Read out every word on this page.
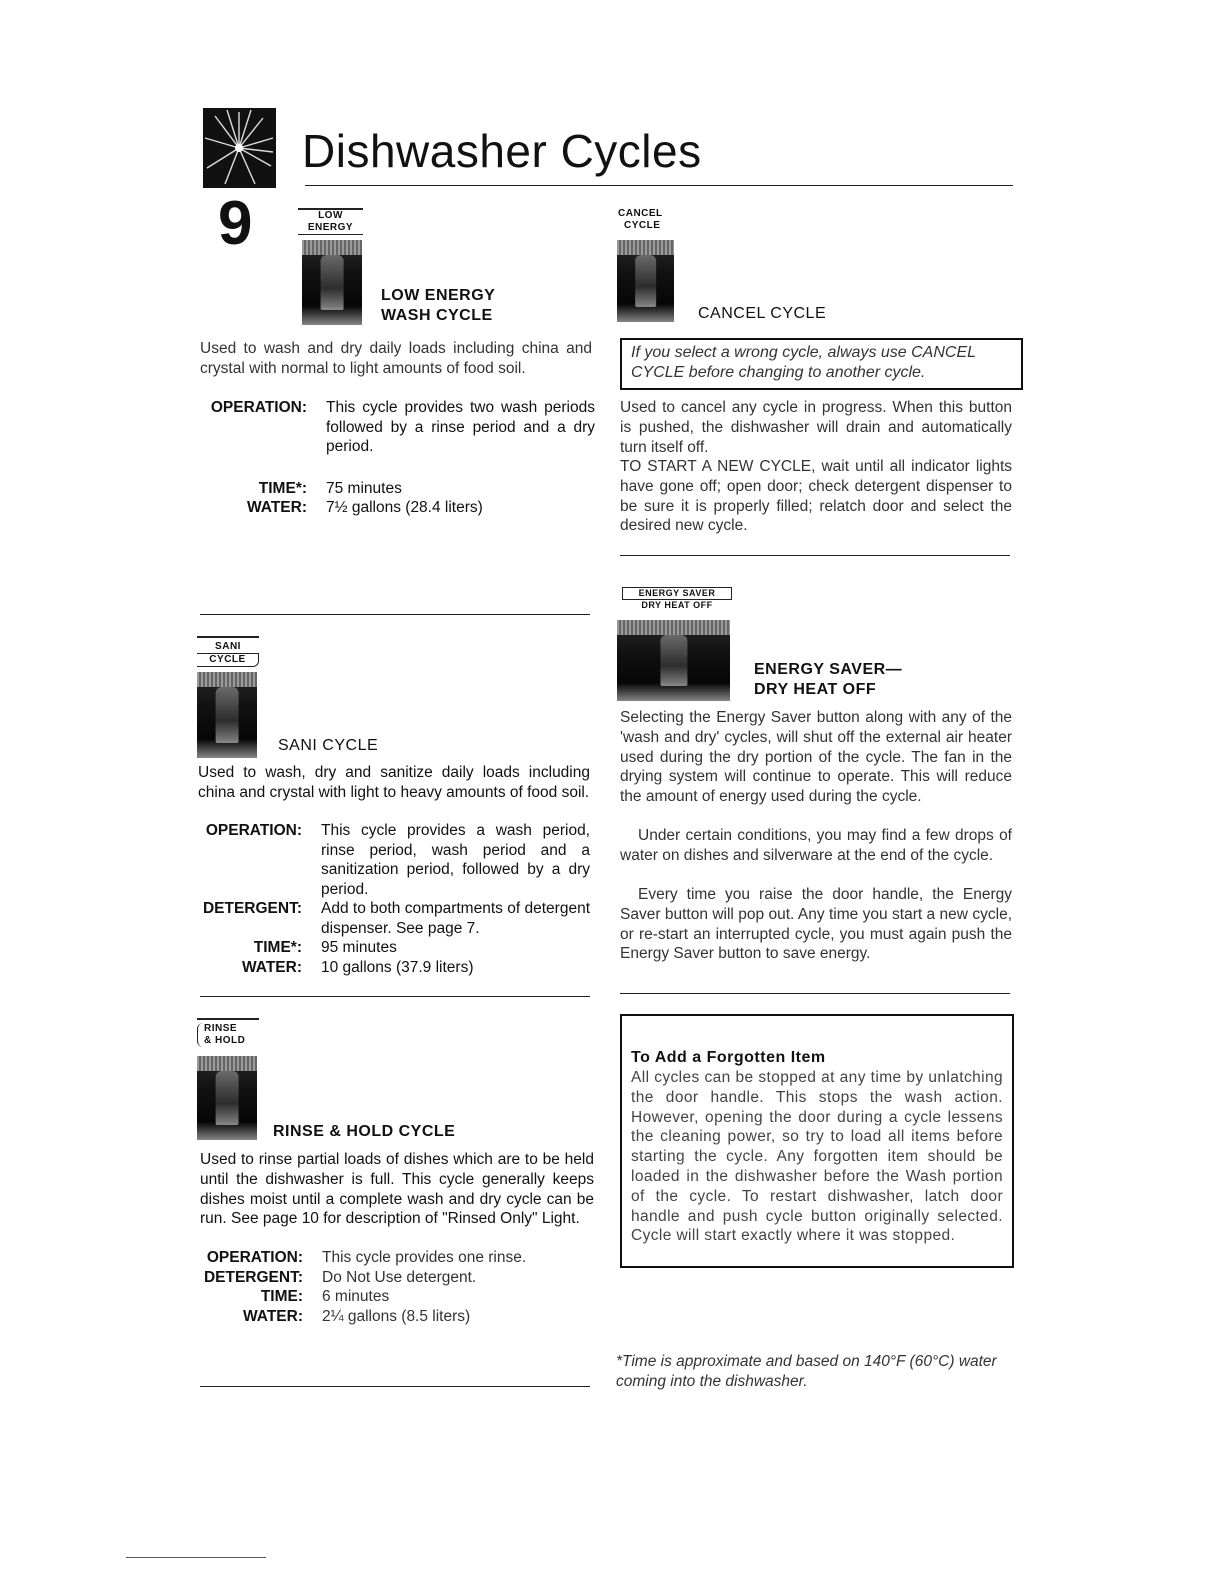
Dishwasher Cycles
9	LOW
ENERGY
LOW ENERGY
WASH CYCLE
Used to wash and dry daily loads including china and crystal with normal to light amounts of food soil.
OPERATION: This cycle provides two wash periods followed by a rinse period and a dry period.
TIME*: 75 minutes
WATER: 7½ gallons (28.4 liters)
CANCEL
CYCLE
CANCEL CYCLE
If you select a wrong cycle, always use CANCEL CYCLE before changing to another cycle.
Used to cancel any cycle in progress. When this button is pushed, the dishwasher will drain and automatically turn itself off.
TO START A NEW CYCLE, wait until all indicator lights have gone off; open door; check detergent dispenser to be sure it is properly filled; relatch door and select the desired new cycle.
SANI
CYCLE
SANI CYCLE
Used to wash, dry and sanitize daily loads including china and crystal with light to heavy amounts of food soil.
OPERATION: This cycle provides a wash period, rinse period, wash period and a sanitization period, followed by a dry period.
DETERGENT: Add to both compartments of detergent dispenser. See page 7.
TIME*: 95 minutes
WATER: 10 gallons (37.9 liters)
ENERGY SAVER
DRY HEAT OFF
ENERGY SAVER—
DRY HEAT OFF
Selecting the Energy Saver button along with any of the 'wash and dry' cycles, will shut off the external air heater used during the dry portion of the cycle. The fan in the drying system will continue to operate. This will reduce the amount of energy used during the cycle.
Under certain conditions, you may find a few drops of water on dishes and silverware at the end of the cycle.
Every time you raise the door handle, the Energy Saver button will pop out. Any time you start a new cycle, or re-start an interrupted cycle, you must again push the Energy Saver button to save energy.
RINSE
& HOLD
RINSE & HOLD CYCLE
Used to rinse partial loads of dishes which are to be held until the dishwasher is full. This cycle generally keeps dishes moist until a complete wash and dry cycle can be run. See page 10 for description of "Rinsed Only" Light.
OPERATION: This cycle provides one rinse.
DETERGENT: Do Not Use detergent.
TIME: 6 minutes
WATER: 2¼ gallons (8.5 liters)
To Add a Forgotten Item
All cycles can be stopped at any time by unlatching the door handle. This stops the wash action. However, opening the door during a cycle lessens the cleaning power, so try to load all items before starting the cycle. Any forgotten item should be loaded in the dishwasher before the Wash portion of the cycle. To restart dishwasher, latch door handle and push cycle button originally selected. Cycle will start exactly where it was stopped.
*Time is approximate and based on 140°F (60°C) water coming into the dishwasher.
